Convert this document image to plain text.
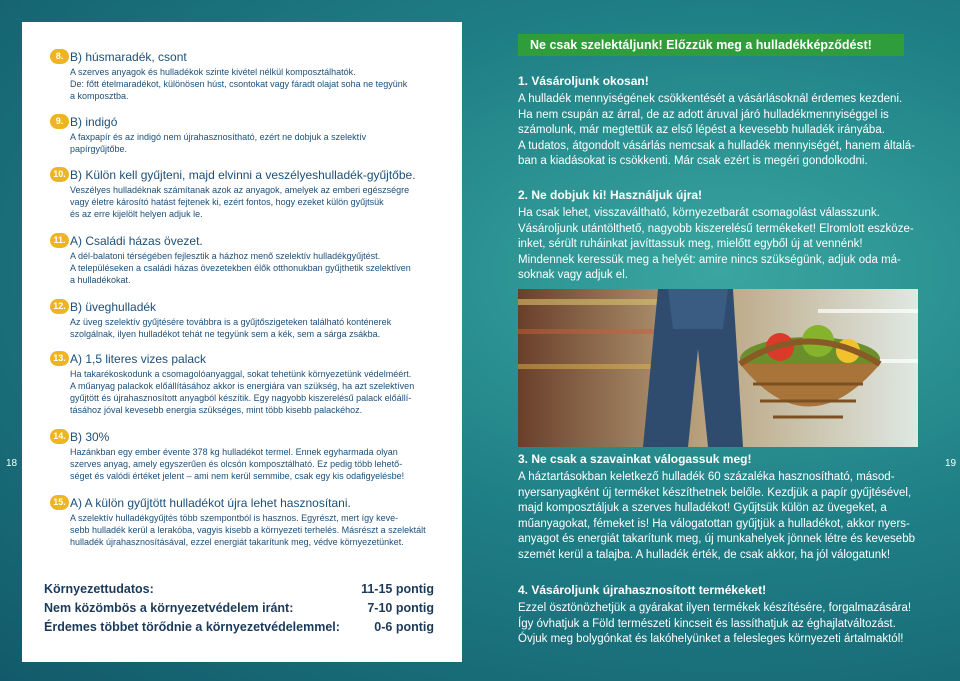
18	19
8. B) húsmaradék, csont
A szerves anyagok és hulladékok szinte kivétel nélkül komposztálhatók.
De: főtt ételmaradékot, különösen húst, csontokat vagy fáradt olajat soha ne tegyünk
a komposztba.
9. B) indigó
A faxpapír és az indigó nem újrahasznosítható, ezért ne dobjuk a szelektív
papírgyűjtőbe.
10. B) Külön kell gyűjteni, majd elvinni a veszélyeshulladék-gyűjtőbe.
Veszélyes hulladéknak számítanak azok az anyagok, amelyek az emberi egészségre
vagy életre károsító hatást fejtenek ki, ezért fontos, hogy ezeket külön gyűjtsük
és az erre kijelölt helyen adjuk le.
11. A) Családi házas övezet.
A dél-balatoni térségében fejlesztik a házhoz menő szelektív hulladékgyűjtést.
A településeken a családi házas övezetekben élők otthonukban gyűjthetik szelektíven
a hulladékokat.
12. B) üveghulladék
Az üveg szelektív gyűjtésére továbbra is a gyűjtőszigeteken található konténerek
szolgálnak, ilyen hulladékot tehát ne tegyünk sem a kék, sem a sárga zsákba.
13. A) 1,5 literes vizes palack
Ha takarékoskodunk a csomagolóanyaggal, sokat tehetünk környezetünk védelméért.
A műanyag palackok előállításához akkor is energiára van szükség, ha azt szelektíven
gyűjtött és újrahasznosított anyagból készítik. Egy nagyobb kiszerelésű palack előállí-
tásához jóval kevesebb energia szükséges, mint több kisebb palackéhoz.
14. B) 30%
Hazánkban egy ember évente 378 kg hulladékot termel. Ennek egyharmada olyan
szerves anyag, amely egyszerűen és olcsón komposztálható. Ez pedig több lehető-
séget és valódi értéket jelent – ami nem kerül semmibe, csak egy kis odafigyelésbe!
15. A) A külön gyűjtött hulladékot újra lehet hasznosítani.
A szelektív hulladékgyűjtés több szempontból is hasznos. Egyrészt, mert így keve-
sebb hulladék kerül a lerakóba, vagyis kisebb a környezeti terhelés. Másrészt a szelektált
hulladék újrahasznosításával, ezzel energiát takarítunk meg, védve környezetünket.
Környezettudatos:	11-15 pontig
Nem közömbös a környezetvédelem iránt:	7-10 pontig
Érdemes többet törődnie a környezetvédelemmel:	0-6 pontig
Ne csak szelektáljunk! Előzzük meg a hulladékképződést!
1. Vásároljunk okosan!
A hulladék mennyiségének csökkentését a vásárlásoknál érdemes kezdeni.
Ha nem csupán az árral, de az adott áruval járó hulladékmennyiséggel is
számolunk, már megtettük az első lépést a kevesebb hulladék irányába.
A tudatos, átgondolt vásárlás nemcsak a hulladék mennyiségét, hanem általá-
ban a kiadásokat is csökkenti. Már csak ezért is megéri gondolkodni.
2. Ne dobjuk ki! Használjuk újra!
Ha csak lehet, visszaváltható, környezetbarát csomagolást válasszunk.
Vásároljunk utántölthető, nagyobb kiszerelésű termékeket! Elromlott eszköze-
inket, sérült ruháinkat javíttassuk meg, mielőtt egyből új at vennénk!
Mindennek keressük meg a helyét: amire nincs szükségünk, adjuk oda má-
soknak vagy adjuk el.
3. Ne csak a szavainkat válogassuk meg!
A háztartásokban keletkező hulladék 60 százaléka hasznosítható, másod-
nyersanyagként új terméket készíthetnek belőle. Kezdjük a papír gyűjtésével,
majd komposztáljuk a szerves hulladékot! Gyűjtsük külön az üvegeket, a
műanyagokat, fémeket is! Ha válogatottan gyűjtjük a hulladékot, akkor nyers-
anyagot és energiát takarítunk meg, új munkahelyek jönnek létre és kevesebb
szemét kerül a talajba. A hulladék érték, de csak akkor, ha jól válogatunk!
4. Vásároljunk újrahasznosított termékeket!
Ezzel ösztönözhetjük a gyárakat ilyen termékek készítésére, forgalmazására!
Így óvhatjuk a Föld természeti kincseit és lassíthatjuk az éghajlatváltozást.
Óvjuk meg bolygónkat és lakóhelyünket a felesleges környezeti ártalmaktól!
